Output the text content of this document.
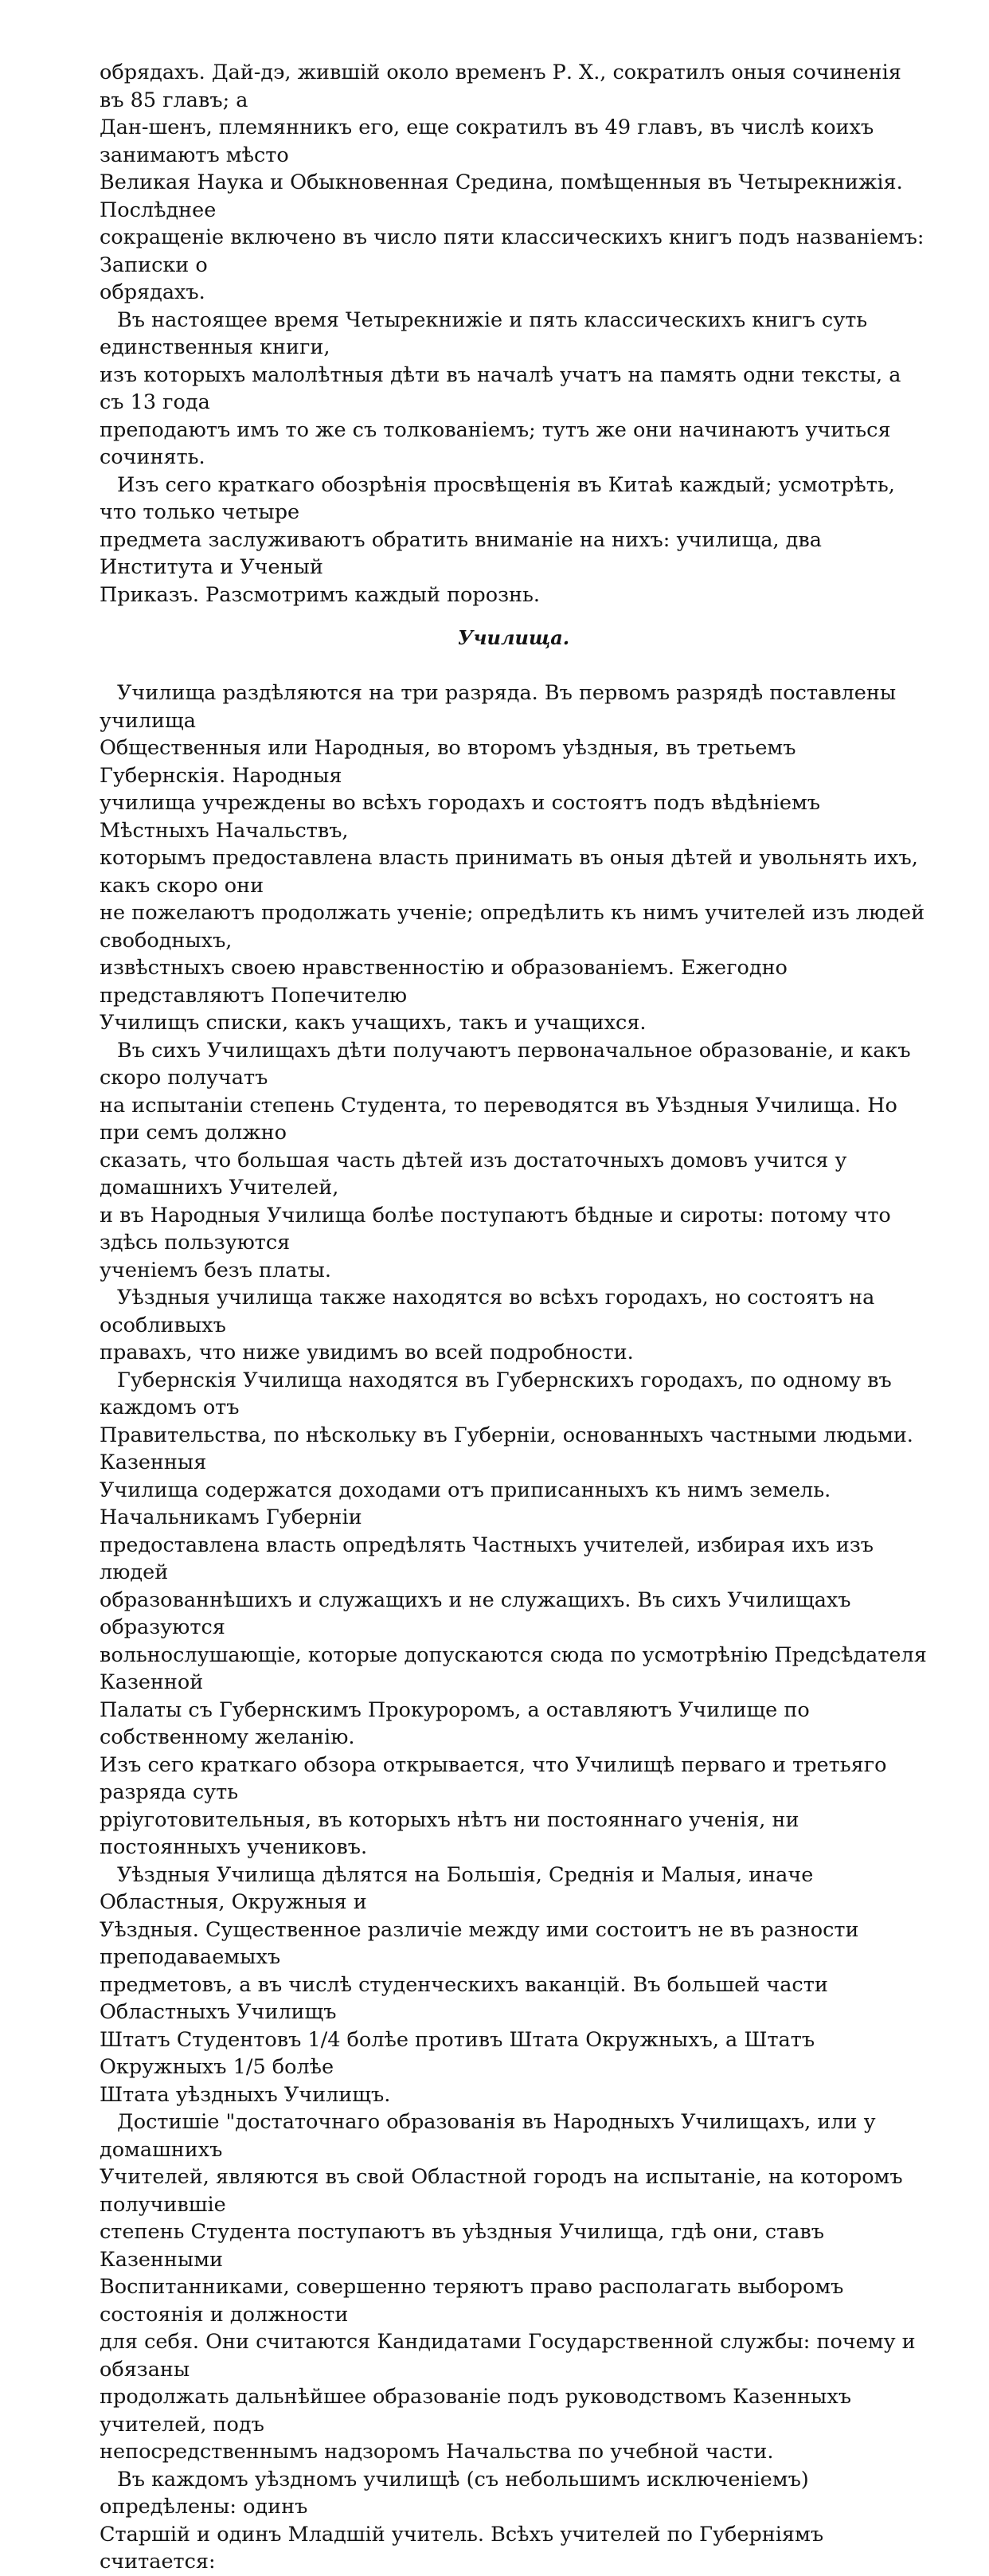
обрядахъ. Дай-дэ, жившій около временъ Р. Х., сократилъ оныя сочиненія въ 85 главъ; а
Дан-шенъ, племянникъ его, еще сократилъ въ 49 главъ, въ числѣ коихъ занимаютъ мѣсто
Великая Наука и Обыкновенная Средина, помѣщенныя въ Четырекнижія. Послѣднее
сокращеніе включено въ число пяти классическихъ книгъ подъ названіемъ: Записки о
обрядахъ.

Въ настоящее время Четырекнижіе и пять классическихъ книгъ суть единственныя книги,
изъ которыхъ малолѣтныя дѣти въ началѣ учатъ на память одни тексты, а съ 13 года
преподаютъ имъ то же съ толкованіемъ; тутъ же они начинаютъ учиться сочинять.

Изъ сего краткаго обозрѣнія просвѣщенія въ Китаѣ каждый; усмотрѣть, что только четыре
предмета заслуживаютъ обратить вниманіе на нихъ: училища, два Института и Ученый
Приказъ. Разсмотримъ каждый порознь.

Училища.

Училища раздѣляются на три разряда. Въ первомъ разрядѣ поставлены училища
Общественныя или Народныя, во второмъ уѣздныя, въ третьемъ Губернскія. Народныя
училища учреждены во всѣхъ городахъ и состоятъ подъ вѣдѣніемъ Мѣстныхъ Начальствъ,
которымъ предоставлена власть принимать въ оныя дѣтей и увольнять ихъ, какъ скоро они
не пожелаютъ продолжать ученіе; опредѣлить къ нимъ учителей изъ людей свободныхъ,
извѣстныхъ своею нравственностію и образованіемъ. Ежегодно представляютъ Попечителю
Училищъ списки, какъ учащихъ, такъ и учащихся.

Въ сихъ Училищахъ дѣти получаютъ первоначальное образованіе, и какъ скоро получатъ
на испытаніи степень Студента, то переводятся въ Уѣздныя Училища. Но при семъ должно
сказать, что большая часть дѣтей изъ достаточныхъ домовъ учится у домашнихъ Учителей,
и въ Народныя Училища болѣе поступаютъ бѣдные и сироты: потому что здѣсь пользуются
ученіемъ безъ платы.

Уѣздныя училища также находятся во всѣхъ городахъ, но состоятъ на особливыхъ
правахъ, что ниже увидимъ во всей подробности.

Губернскія Училища находятся въ Губернскихъ городахъ, по одному въ каждомъ отъ
Правительства, по нѣскольку въ Губерніи, основанныхъ частными людьми. Казенныя
Училища содержатся доходами отъ приписанныхъ къ нимъ земель. Начальникамъ Губерніи
предоставлена власть опредѣлять Частныхъ учителей, избирая ихъ изъ людей
образованнѣшихъ и служащихъ и не служащихъ. Въ сихъ Училищахъ образуются
вольнослушающіе, которые допускаются сюда по усмотрѣнію Предсѣдателя Казенной
Палаты съ Губернскимъ Прокуроромъ, а оставляютъ Училище по собственному желанію.
Изъ сего краткаго обзора открывается, что Училищѣ перваго и третьяго разряда суть
pріуготовительныя, въ которыхъ нѣтъ ни постояннаго ученія, ни постоянныхъ учениковъ.

Уѣздныя Училища дѣлятся на Большія, Среднія и Малыя, иначе Областныя, Окружныя и
Уѣздныя. Существенное различіе между ими состоитъ не въ разности преподаваемыхъ
предметовъ, а въ числѣ студенческихъ ваканцій. Въ большей части Областныхъ Училищъ
Штатъ Студентовъ 1/4 болѣе противъ Штата Окружныхъ, а Штатъ Окружныхъ 1/5 болѣе
Штата уѣздныхъ Училищъ.

Достишіе "достаточнаго образованія въ Народныхъ Училищахъ, или у домашнихъ
Учителей, являются въ свой Областной городъ на испытаніе, на которомъ получившіе
степень Студента поступаютъ въ уѣздныя Училища, гдѣ они, ставъ Казенными
Воспитанниками, совершенно теряютъ право располагать выборомъ состоянія и должности
для себя. Они считаются Кандидатами Государственной службы: почему и обязаны
продолжать дальнѣйшее образованіе подъ руководствомъ Казенныхъ учителей, подъ
непосредственнымъ надзоромъ Начальства по учебной части.

Въ каждомъ уѣздномъ училищѣ (съ небольшимъ исключеніемъ) опредѣлены: одинъ
Старшій и одинъ Младшій учитель. Всѣхъ учителей по Губерніямъ считается:
